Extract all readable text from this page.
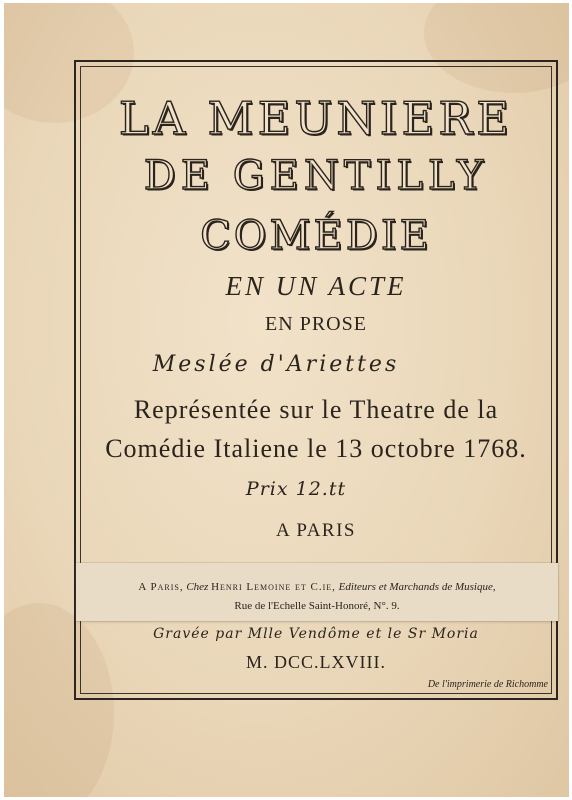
LA MEUNIERE
DE GENTILLY
COMÉDIE
EN UN ACTE
EN PROSE
Meslée d'Ariettes
Représentée sur le Theatre de la
Comédie Italiene le 13 octobre 1768.
Prix 12.tt
A PARIS
A Paris, Chez Henri Lemoine et C.ie, Editeurs et Marchands de Musique,
Rue de l'Echelle Saint-Honoré, N°. 9.
Gravée par Mlle Vendôme et le Sr Moria
M. DCC.LXVIII.
De l'imprimerie de Richomme
